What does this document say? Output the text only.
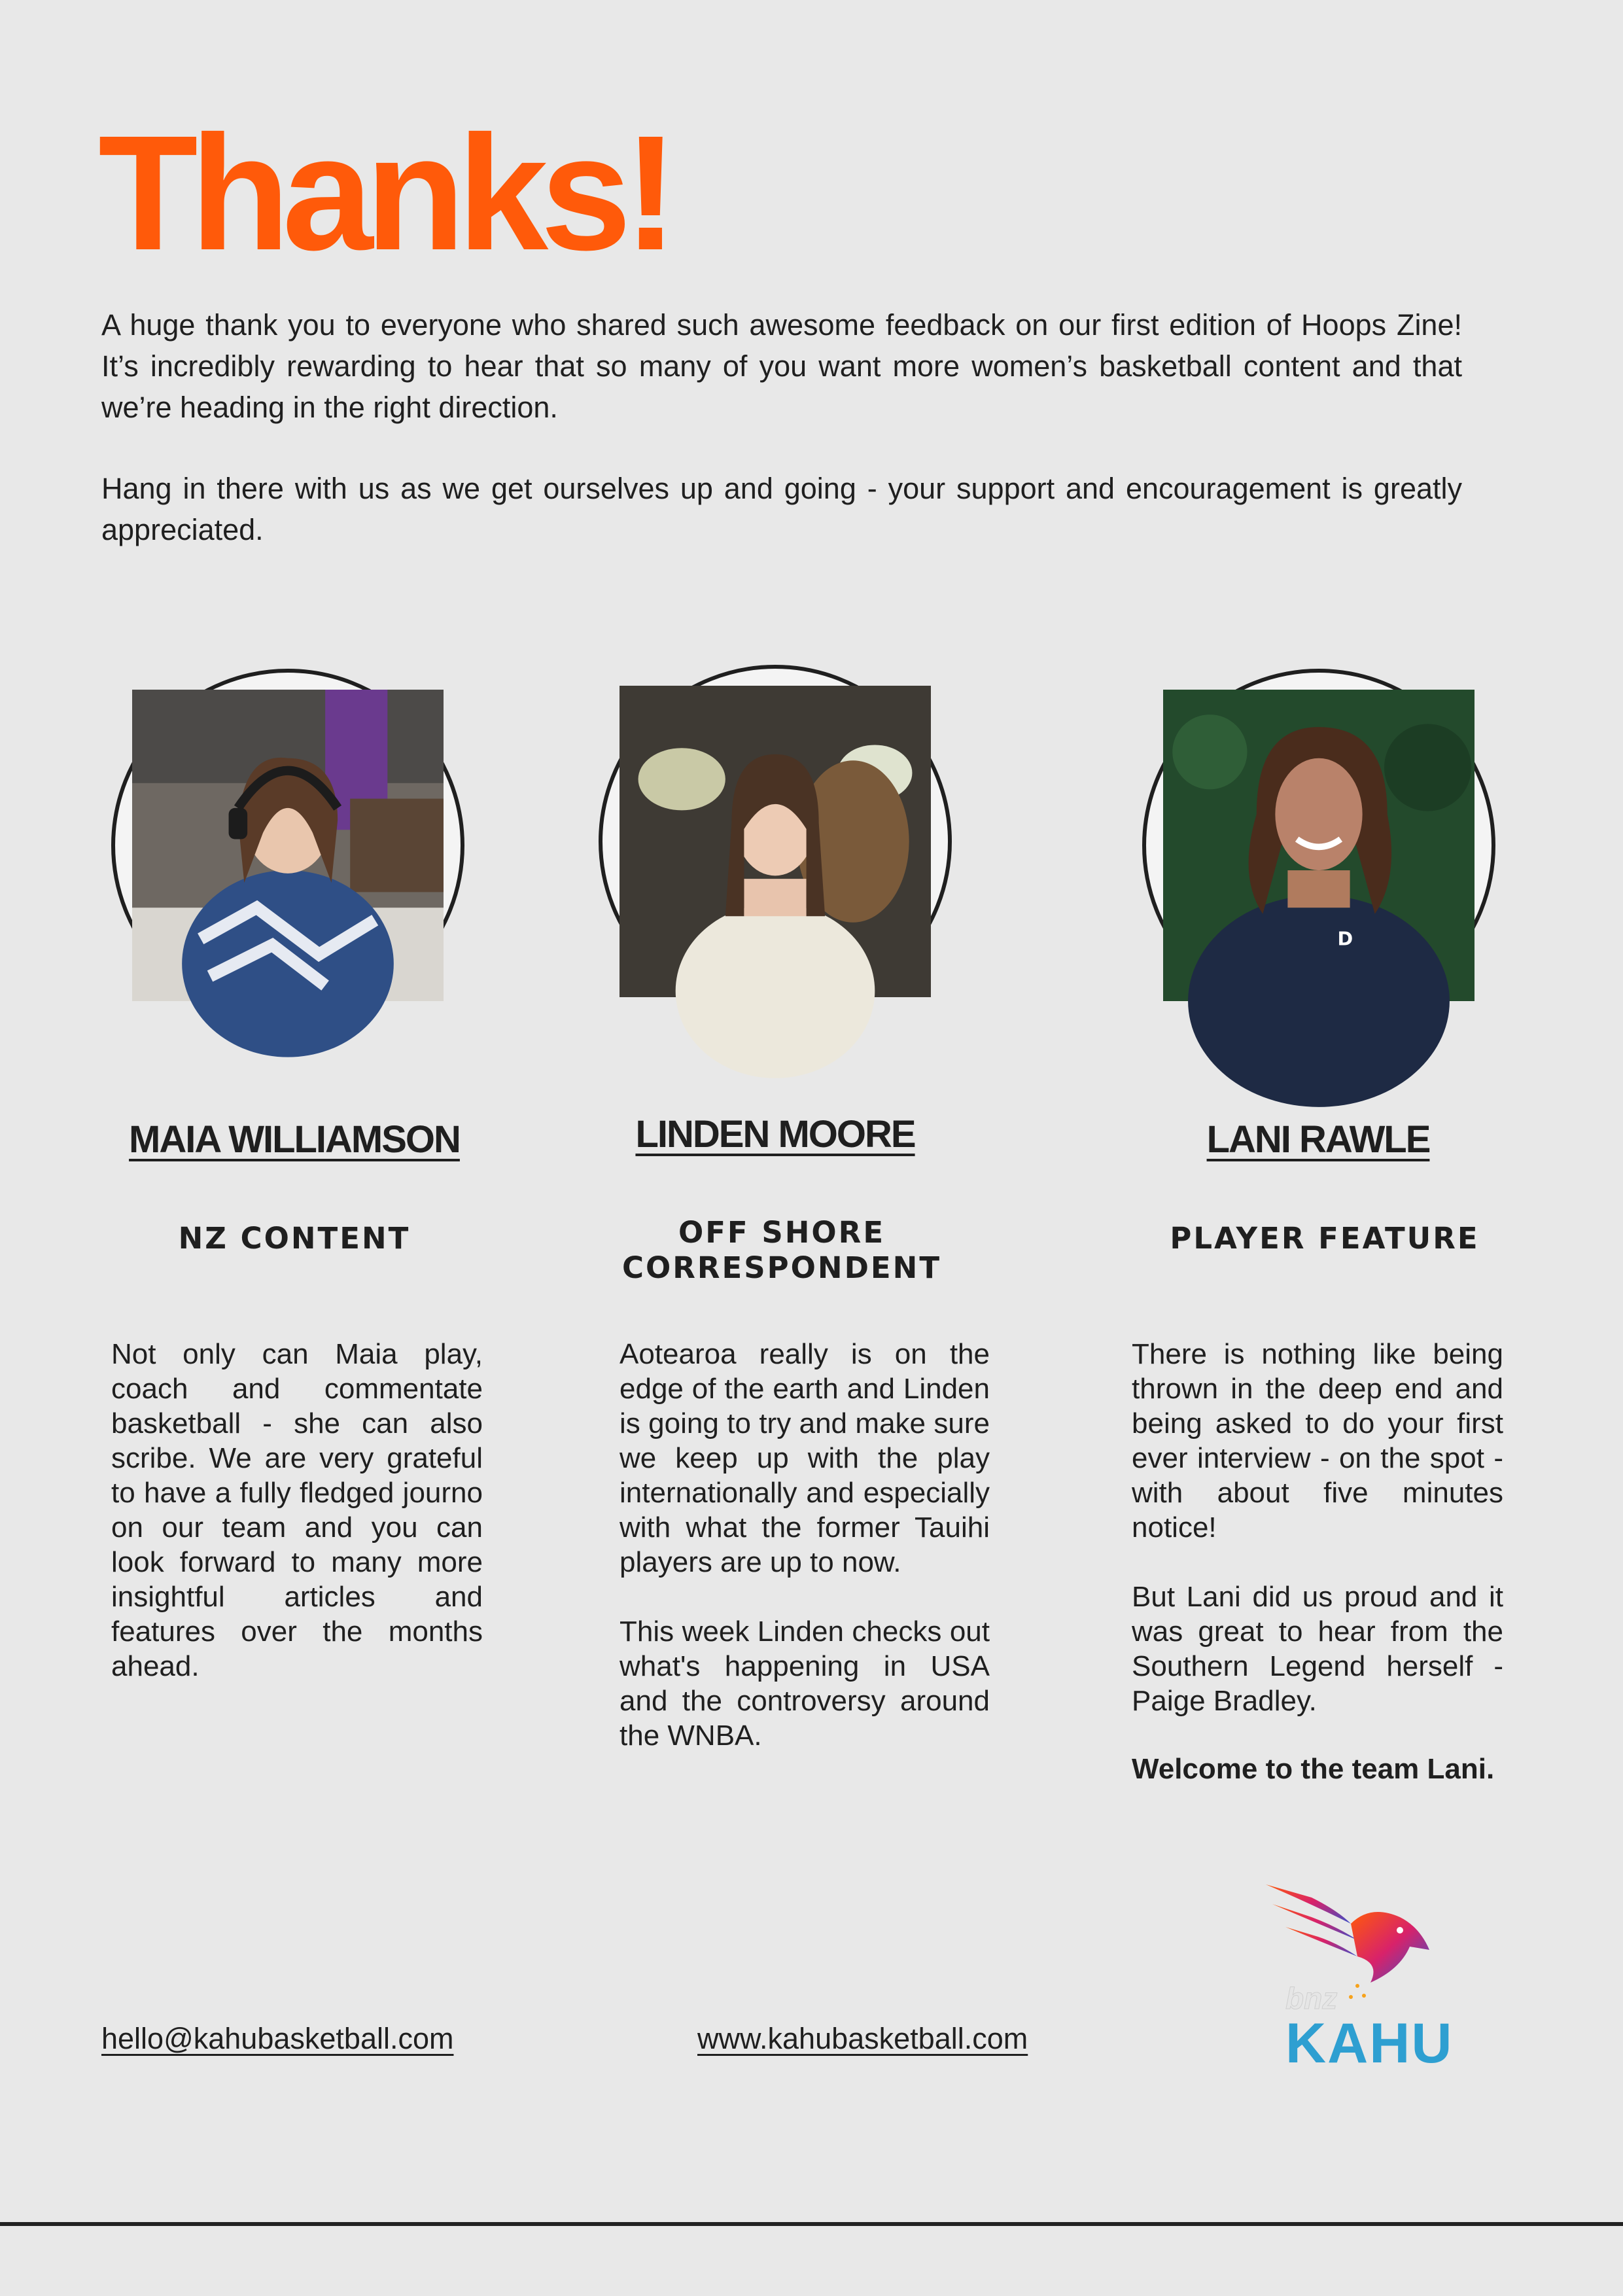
Thanks!

A huge thank you to everyone who shared such awesome feedback on our first edition of Hoops Zine! It’s incredibly rewarding to hear that so many of you want more women’s basketball content and that we’re heading in the right direction.

Hang in there with us as we get ourselves up and going - your support and encouragement is greatly appreciated.

D
MAIA WILLIAMSON	LINDEN MOORE	LANI RAWLE
NZ CONTENT	OFF SHORE CORRESPONDENT
PLAYER FEATURE

Not only can Maia play, coach and commentate basketball - she can also scribe. We are very grateful to have a fully fledged journo on our team and you can look forward to many more insightful articles and features over the months ahead.

Aotearoa really is on the edge of the earth and Linden is going to try and make sure we keep up with the play internationally and especially with what the former Tauihi players are up to now.

This week Linden checks out what's happening in USA and the controversy around the WNBA.

There is nothing like being thrown in the deep end and being asked to do your first ever interview - on the spot - with about five minutes notice!

But Lani did us proud and it was great to hear from the Southern Legend herself - Paige Bradley.

Welcome to the team Lani.

hello@kahubasketball.com	www.kahubasketball.com
bnz
KAHU
